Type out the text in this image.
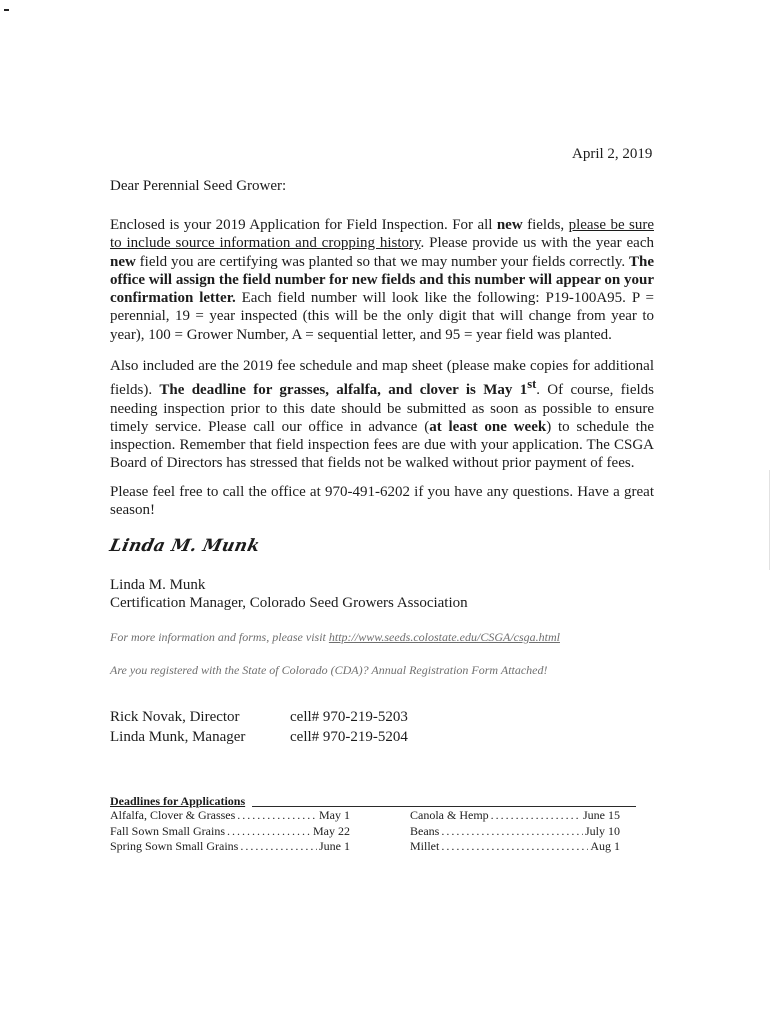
April 2, 2019
Dear Perennial Seed Grower:
Enclosed is your 2019 Application for Field Inspection. For all new fields, please be sure to include source information and cropping history. Please provide us with the year each new field you are certifying was planted so that we may number your fields correctly. The office will assign the field number for new fields and this number will appear on your confirmation letter. Each field number will look like the following: P19-100A95. P = perennial, 19 = year inspected (this will be the only digit that will change from year to year), 100 = Grower Number, A = sequential letter, and 95 = year field was planted.
Also included are the 2019 fee schedule and map sheet (please make copies for additional fields). The deadline for grasses, alfalfa, and clover is May 1st. Of course, fields needing inspection prior to this date should be submitted as soon as possible to ensure timely service. Please call our office in advance (at least one week) to schedule the inspection. Remember that field inspection fees are due with your application. The CSGA Board of Directors has stressed that fields not be walked without prior payment of fees.
Please feel free to call the office at 970-491-6202 if you have any questions. Have a great season!
Linda M. Munk
Linda M. Munk
Certification Manager, Colorado Seed Growers Association
For more information and forms, please visit http://www.seeds.colostate.edu/CSGA/csga.html
Are you registered with the State of Colorado (CDA)? Annual Registration Form Attached!
Rick Novak, Director	cell# 970-219-5203
Linda Munk, Manager	cell# 970-219-5204
Deadlines for Applications
Alfalfa, Clover & Grasses .....	May 1
Fall Sown Small Grains .....	May 22
Spring Sown Small Grains .....	June 1
Canola & Hemp .....	June 15
Beans .....	July 10
Millet .....	Aug 1
